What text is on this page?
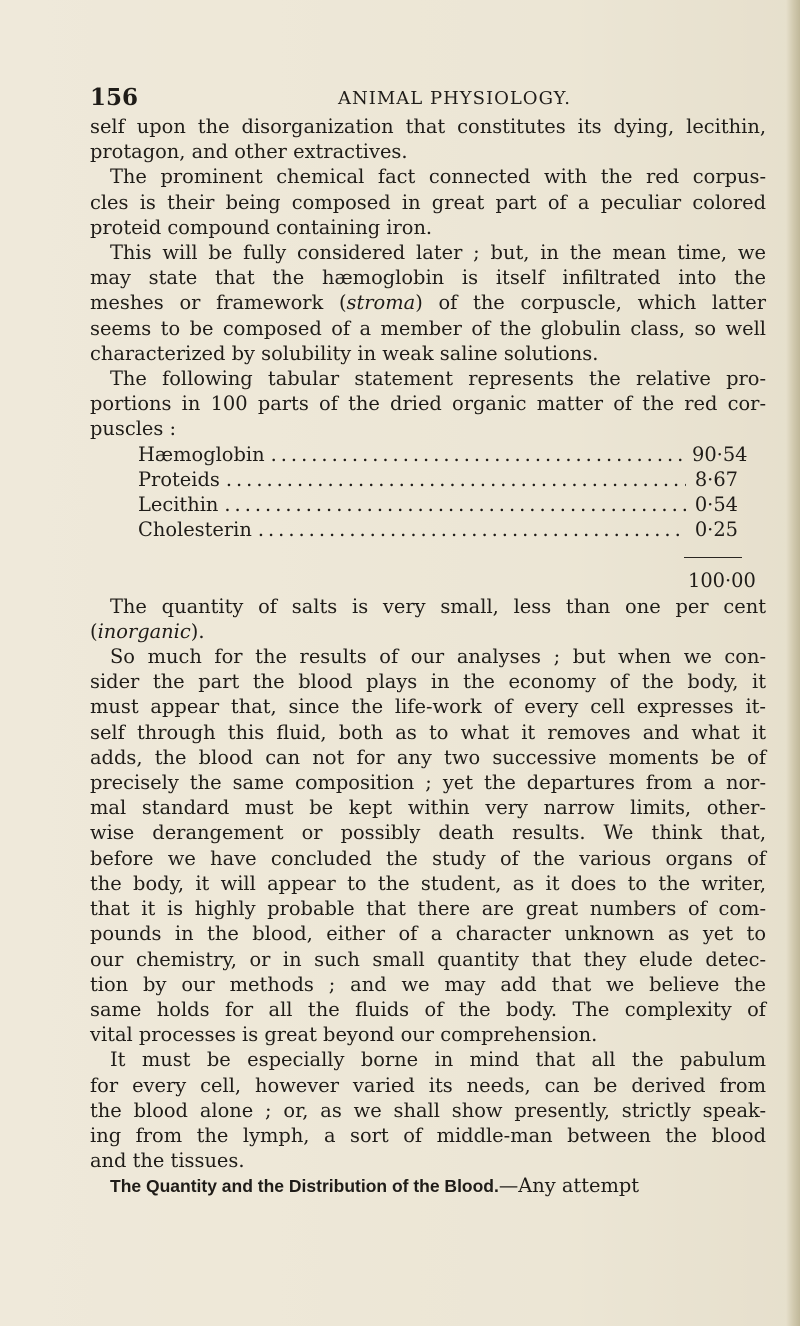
156	ANIMAL PHYSIOLOGY.
self upon the disorganization that constitutes its dying, lecithin,
protagon, and other extractives.
The prominent chemical fact connected with the red corpus-
cles is their being composed in great part of a peculiar colored
proteid compound containing iron.
This will be fully considered later ; but, in the mean time, we
may state that the hæmoglobin is itself infiltrated into the
meshes or framework (stroma) of the corpuscle, which latter
seems to be composed of a member of the globulin class, so well
characterized by solubility in weak saline solutions.
The following tabular statement represents the relative pro-
portions in 100 parts of the dried organic matter of the red cor-
puscles :
Hæmoglobin .....	90·54
Proteids .....	8·67
Lecithin .....	0·54
Cholesterin .....	0·25
100·00
The quantity of salts is very small, less than one per cent
(inorganic).
So much for the results of our analyses ; but when we con-
sider the part the blood plays in the economy of the body, it
must appear that, since the life-work of every cell expresses it-
self through this fluid, both as to what it removes and what it
adds, the blood can not for any two successive moments be of
precisely the same composition ; yet the departures from a nor-
mal standard must be kept within very narrow limits, other-
wise derangement or possibly death results. We think that,
before we have concluded the study of the various organs of
the body, it will appear to the student, as it does to the writer,
that it is highly probable that there are great numbers of com-
pounds in the blood, either of a character unknown as yet to
our chemistry, or in such small quantity that they elude detec-
tion by our methods ; and we may add that we believe the
same holds for all the fluids of the body. The complexity of
vital processes is great beyond our comprehension.
It must be especially borne in mind that all the pabulum
for every cell, however varied its needs, can be derived from
the blood alone ; or, as we shall show presently, strictly speak-
ing from the lymph, a sort of middle-man between the blood
and the tissues.
The Quantity and the Distribution of the Blood.—Any attempt
